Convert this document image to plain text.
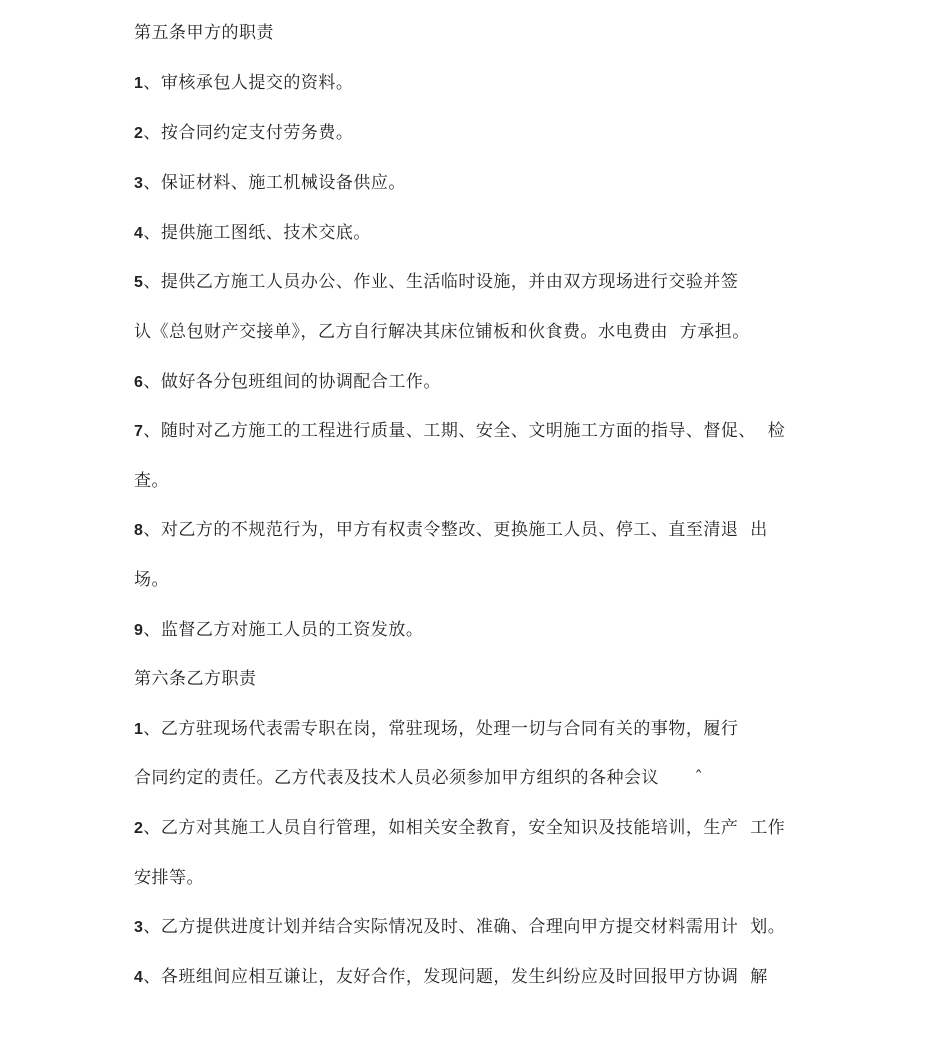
第五条甲方的职责
1、审核承包人提交的资料。
2、按合同约定支付劳务费。
3、保证材料、施工机械设备供应。
4、提供施工图纸、技术交底。
5、提供乙方施工人员办公、作业、生活临时设施，并由双方现场进行交验并签
认《总包财产交接单》，乙方自行解决其床位铺板和伙食费。水电费由  方承担。
6、做好各分包班组间的协调配合工作。
7、随时对乙方施工的工程进行质量、工期、安全、文明施工方面的指导、督促、  检
查。
8、对乙方的不规范行为，甲方有权责令整改、更换施工人员、停工、直至清退  出
场。
9、监督乙方对施工人员的工资发放。
第六条乙方职责
1、乙方驻现场代表需专职在岗，常驻现场，处理一切与合同有关的事物，履行
合同约定的责任。乙方代表及技术人员必须参加甲方组织的各种会议      ˆ
2、乙方对其施工人员自行管理，如相关安全教育，安全知识及技能培训，生产  工作
安排等。
3、乙方提供进度计划并结合实际情况及时、准确、合理向甲方提交材料需用计  划。
4、各班组间应相互谦让，友好合作，发现问题，发生纠纷应及时回报甲方协调  解
